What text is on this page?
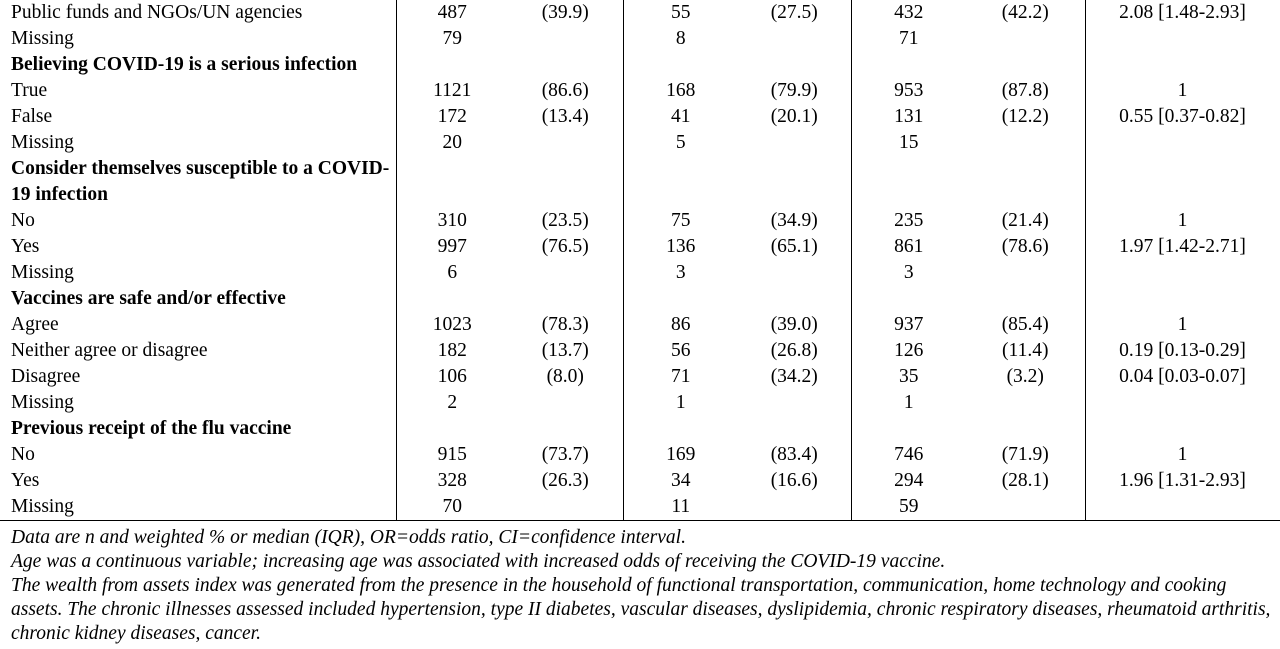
Public funds and NGOs/UN agencies	487	(39.9)	55	(27.5)	432	(42.2)	2.08 [1.48-2.93]
Missing	79		8		71		
Believing COVID-19 is a serious infection							
True	1121	(86.6)	168	(79.9)	953	(87.8)	1
False	172	(13.4)	41	(20.1)	131	(12.2)	0.55 [0.37-0.82]
Missing	20		5		15		
Consider themselves susceptible to a COVID-19 infection							
No	310	(23.5)	75	(34.9)	235	(21.4)	1
Yes	997	(76.5)	136	(65.1)	861	(78.6)	1.97 [1.42-2.71]
Missing	6		3		3		
Vaccines are safe and/or effective							
Agree	1023	(78.3)	86	(39.0)	937	(85.4)	1
Neither agree or disagree	182	(13.7)	56	(26.8)	126	(11.4)	0.19 [0.13-0.29]
Disagree	106	(8.0)	71	(34.2)	35	(3.2)	0.04 [0.03-0.07]
Missing	2		1		1		
Previous receipt of the flu vaccine							
No	915	(73.7)	169	(83.4)	746	(71.9)	1
Yes	328	(26.3)	34	(16.6)	294	(28.1)	1.96 [1.31-2.93]
Missing	70		11		59		

Data are n and weighted % or median (IQR), OR=odds ratio, CI=confidence interval.

Age was a continuous variable; increasing age was associated with increased odds of receiving the COVID-19 vaccine.

The wealth from assets index was generated from the presence in the household of functional transportation, communication, home technology and cooking assets. The chronic illnesses assessed included hypertension, type II diabetes, vascular diseases, dyslipidemia, chronic respiratory diseases, rheumatoid arthritis, chronic kidney diseases, cancer.
